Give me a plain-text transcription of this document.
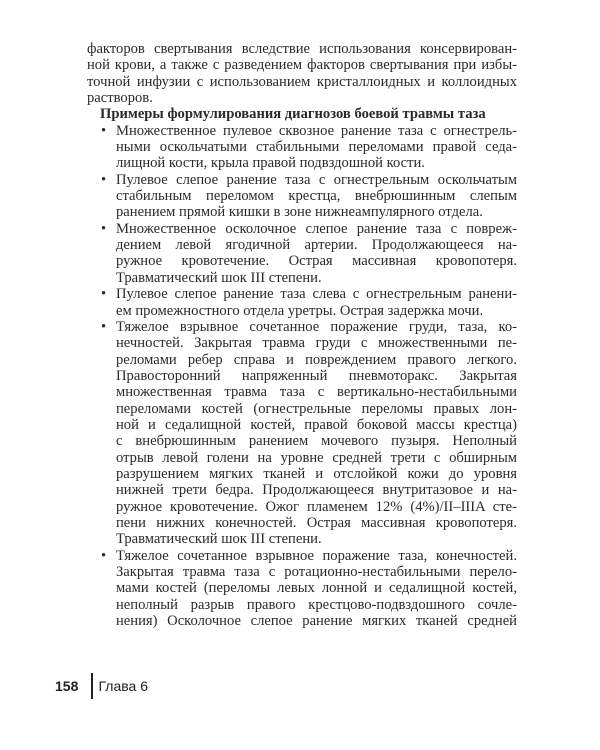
факторов свертывания вследствие использования консервирован-
ной крови, а также с разведением факторов свертывания при избы-
точной инфузии с использованием кристаллоидных и коллоидных
растворов.
Примеры формулирования диагнозов боевой травмы таза
• Множественное пулевое сквозное ранение таза с огнестрель-
ными оскольчатыми стабильными переломами правой седа-
лищной кости, крыла правой подвздошной кости.
• Пулевое слепое ранение таза с огнестрельным оскольчатым
стабильным переломом крестца, внебрюшинным слепым
ранением прямой кишки в зоне нижнеампулярного отдела.
• Множественное осколочное слепое ранение таза с повреж-
дением левой ягодичной артерии. Продолжающееся на-
ружное кровотечение. Острая массивная кровопотеря.
Травматический шок III степени.
• Пулевое слепое ранение таза слева с огнестрельным ранени-
ем промежностного отдела уретры. Острая задержка мочи.
• Тяжелое взрывное сочетанное поражение груди, таза, ко-
нечностей. Закрытая травма груди с множественными пе-
реломами ребер справа и повреждением правого легкого.
Правосторонний напряженный пневмоторакс. Закрытая
множественная травма таза с вертикально-нестабильными
переломами костей (огнестрельные переломы правых лон-
ной и седалищной костей, правой боковой массы крестца)
с внебрюшинным ранением мочевого пузыря. Неполный
отрыв левой голени на уровне средней трети с обширным
разрушением мягких тканей и отслойкой кожи до уровня
нижней трети бедра. Продолжающееся внутритазовое и на-
ружное кровотечение. Ожог пламенем 12% (4%)/II–IIIA сте-
пени нижних конечностей. Острая массивная кровопотеря.
Травматический шок III степени.
• Тяжелое сочетанное взрывное поражение таза, конечностей.
Закрытая травма таза с ротационно-нестабильными перело-
мами костей (переломы левых лонной и седалищной костей,
неполный разрыв правого крестцово-подвздошного сочле-
нения) Осколочное слепое ранение мягких тканей средней
158	Глава 6
